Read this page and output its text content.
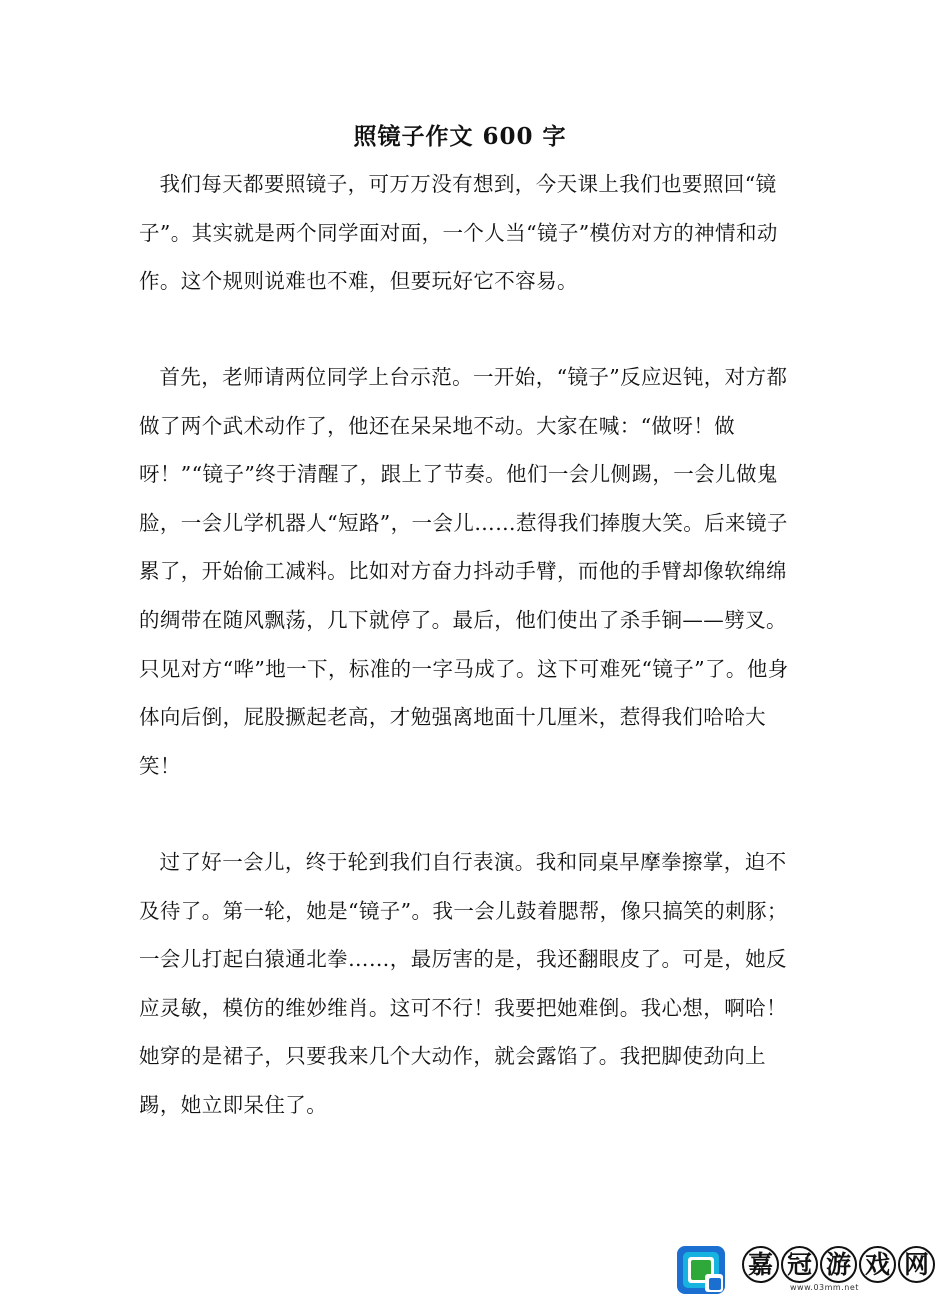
照镜子作文 600 字

我们每天都要照镜子，可万万没有想到，今天课上我们也要照回“镜子”。其实就是两个同学面对面，一个人当“镜子”模仿对方的神情和动作。这个规则说难也不难，但要玩好它不容易。

首先，老师请两位同学上台示范。一开始，“镜子”反应迟钝，对方都做了两个武术动作了，他还在呆呆地不动。大家在喊：“做呀！做呀！”“镜子”终于清醒了，跟上了节奏。他们一会儿侧踢，一会儿做鬼脸，一会儿学机器人“短路”，一会儿……惹得我们捧腹大笑。后来镜子累了，开始偷工减料。比如对方奋力抖动手臂，而他的手臂却像软绵绵的绸带在随风飘荡，几下就停了。最后，他们使出了杀手锏——劈叉。只见对方“哗”地一下，标准的一字马成了。这下可难死“镜子”了。他身体向后倒，屁股撅起老高，才勉强离地面十几厘米，惹得我们哈哈大笑！

过了好一会儿，终于轮到我们自行表演。我和同桌早摩拳擦掌，迫不及待了。第一轮，她是“镜子”。我一会儿鼓着腮帮，像只搞笑的刺豚；一会儿打起白猿通北拳……，最厉害的是，我还翻眼皮了。可是，她反应灵敏，模仿的维妙维肖。这可不行！我要把她难倒。我心想，啊哈！她穿的是裙子，只要我来几个大动作，就会露馅了。我把脚使劲向上踢，她立即呆住了。

嘉 冠 游 戏 网
www.03mm.net
